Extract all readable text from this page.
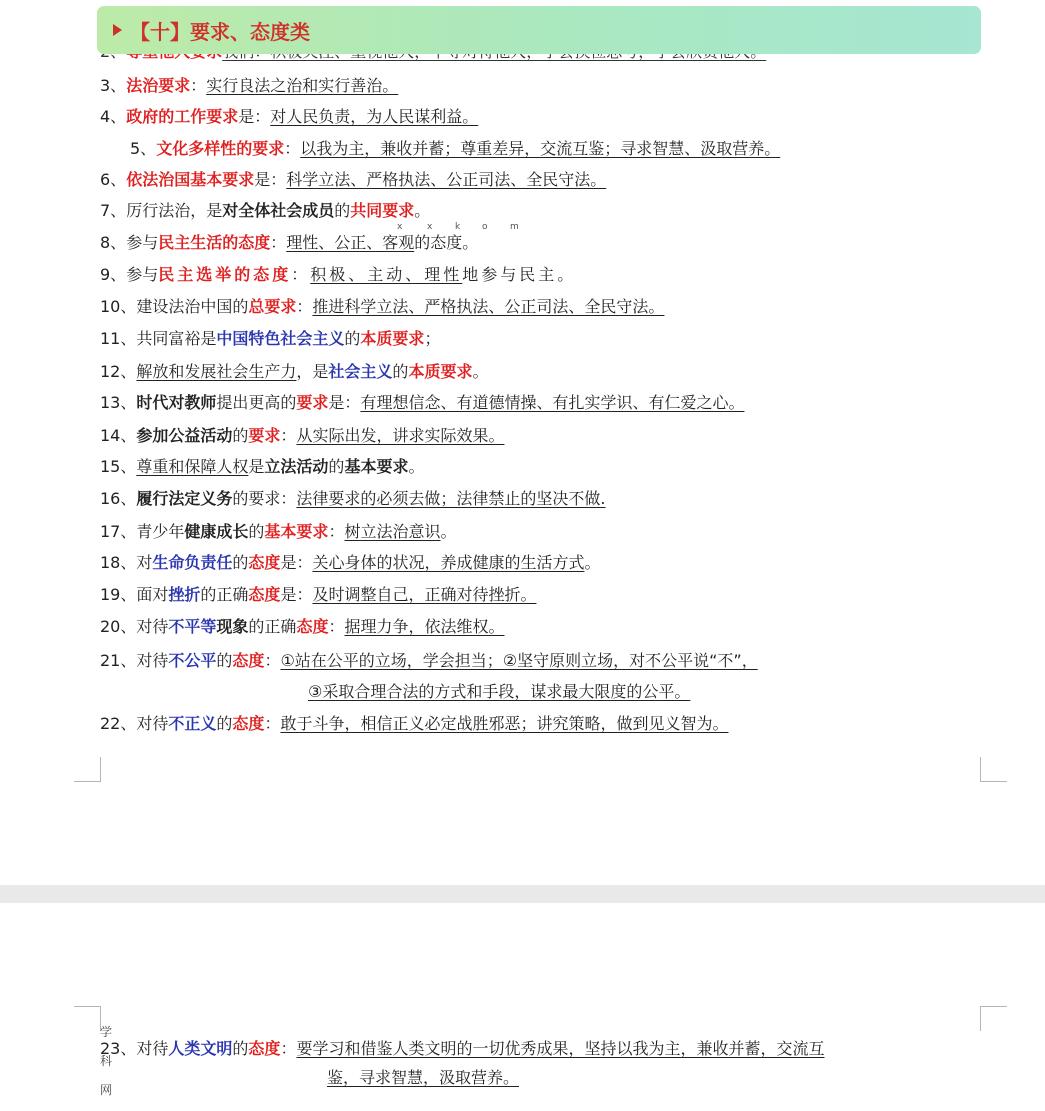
【十】要求、态度类
3、法治要求：实行良法之治和实行善治。
4、政府的工作要求是：对人民负责，为人民谋利益。
5、文化多样性的要求：以我为主，兼收并蓄；尊重差异，交流互鉴；寻求智慧、汲取营养。
6、依法治国基本要求是：科学立法、严格执法、公正司法、全民守法。
7、厉行法治，是对全体社会成员的共同要求。
8、参与民主生活的态度：理性、公正、客观的态度。
9、参与民主选举的态度：积极、主动、理性地参与民主。
10、建设法治中国的总要求：推进科学立法、严格执法、公正司法、全民守法。
11、共同富裕是中国特色社会主义的本质要求；
12、解放和发展社会生产力，是社会主义的本质要求。
13、时代对教师提出更高的要求是：有理想信念、有道德情操、有扎实学识、有仁爱之心。
14、参加公益活动的要求：从实际出发，讲求实际效果。
15、尊重和保障人权是立法活动的基本要求。
16、履行法定义务的要求：法律要求的必须去做；法律禁止的坚决不做.
17、青少年健康成长的基本要求：树立法治意识。
18、对生命负责任的态度是：关心身体的状况，养成健康的生活方式。
19、面对挫折的正确态度是：及时调整自己，正确对待挫折。
20、对待不平等现象的正确态度：据理力争，依法维权。
21、对待不公平的态度：①站在公平的立场，学会担当；②坚守原则立场，对不公平说“不”，
③采取合理合法的方式和手段，谋求最大限度的公平。
22、对待不正义的态度：敢于斗争，相信正义必定战胜邪恶；讲究策略，做到见义智为。
x	x	k o m
23、对待人类文明的态度：要学习和借鉴人类文明的一切优秀成果，坚持以我为主，兼收并蓄，交流互
鉴，寻求智慧，汲取营养。
学
科
网
